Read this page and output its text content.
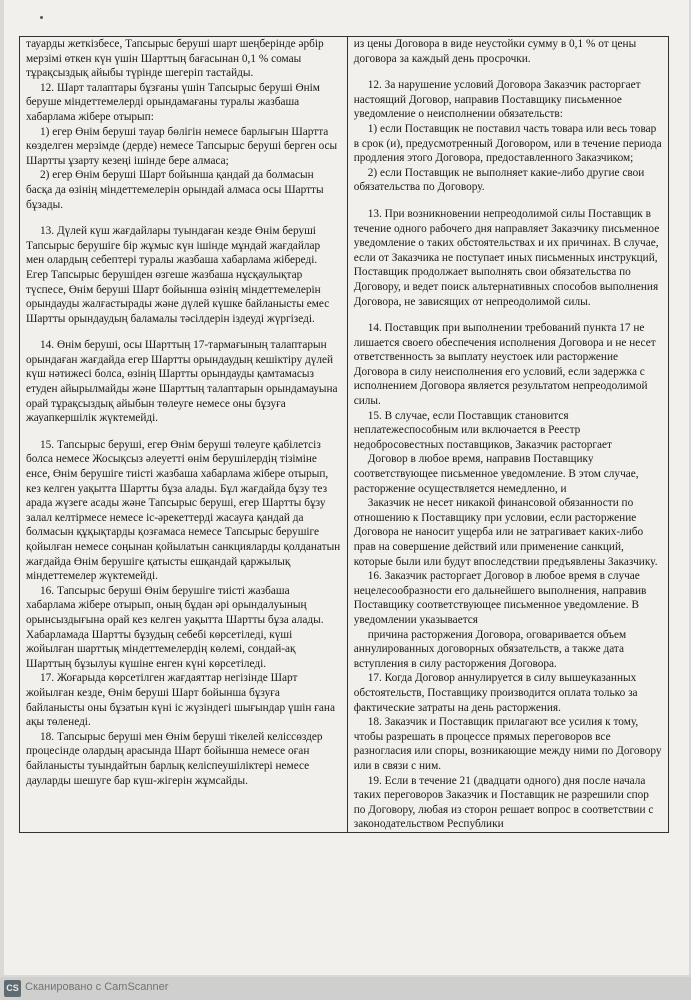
тауарды жеткізбесе, Тапсырыс беруші шарт шеңберінде әрбір мерзімі өткен күн үшін Шарттың бағасынан 0,1 % сомаы тұрақсыздық айыбы түрінде шегеріп тастайды.

12. Шарт талаптары бұзғаны үшін Тапсырыс беруші Өнім беруше міндеттемелерді орындамағаны туралы жазбаша хабарлама жібере отырып:

1) егер Өнім беруші тауар бөлігін немесе барлығын Шартта көзделген мерзімде (дерде) немесе Тапсырыс беруші берген осы Шартты ұзарту кезеңі ішінде бере алмаса;

2) егер Өнім беруші Шарт бойынша қандай да болмасын басқа да өзінің міндеттемелерін орындай алмаса осы Шартты бұзады.

13. Дүлей күш жағдайлары туындаған кезде Өнім беруші Тапсырыс берушіге бір жұмыс күн ішінде мұндай жағдайлар мен олардың себептері туралы жазбаша хабарлама жібереді. Егер Тапсырыс берушіден өзгеше жазбаша нұсқаулықтар түспесе, Өнім беруші Шарт бойынша өзінің міндеттемелерін орындауды жалғастырады және дүлей күшке байланысты емес Шартты орындаудың баламалы тәсілдерін іздеуді жүргізеді.

14. Өнім беруші, осы Шарттың 17-тармағының талаптарын орындаған жағдайда егер Шартты орындаудың кешіктіру дүлей күш нәтижесі болса, өзінің Шартты орындауды қамтамасыз етуден айырылмайды және Шарттың талаптарын орындамауына орай тұрақсыздық айыбын төлеуге немесе оны бұзуға жауапкершілік жүктемейді.

15. Тапсырыс беруші, егер Өнім беруші төлеуге қабілетсіз болса немесе Жосықсыз әлеуетті өнім берушілердің тізіміне енсе, Өнім берушіге тиісті жазбаша хабарлама жібере отырып, кез келген уақытта Шартты бұза алады. Бұл жағдайда бұзу тез арада жүзеге асады және Тапсырыс беруші, егер Шартты бұзу залал келтірмесе немесе іс-әрекеттерді жасауға қандай да болмасын құқықтарды қозғамаса немесе Тапсырыс берушіге қойылған немесе соңынан қойылатын санкцияларды қолданатын жағдайда Өнім берушіге қатысты ешқандай қаржылық міндеттемелер жүктемейді.

16. Тапсырыс беруші Өнім берушіге тиісті жазбаша хабарлама жібере отырып, оның бұдан әрі орындалуының орынсыздығына орай кез келген уақытта Шартты бұза алады. Хабарламада Шартты бұзудың себебі көрсетіледі, күші жойылған шарттық міндеттемелердің көлемі, сондай-ақ Шарттың бұзылуы күшіне енген күні көрсетіледі.

17. Жоғарыда көрсетілген жағдаяттар негізінде Шарт жойылған кезде, Өнім беруші Шарт бойынша бұзуға байланысты оны бұзатын күні іс жүзіндегі шығындар үшін ғана ақы төленеді.

18. Тапсырыс беруші мен Өнім беруші тікелей келіссөздер процесінде олардың арасында Шарт бойынша немесе оған байланысты туындайтын барлық келіспеушіліктері немесе дауларды шешуге бар күш-жігерін жұмсайды.

из цены Договора в виде неустойки сумму в 0,1 % от цены договора за каждый день просрочки.

12. За нарушение условий Договора Заказчик расторгает настоящий Договор, направив Поставщику письменное уведомление о неисполнении обязательств:

1) если Поставщик не поставил часть товара или весь товар в срок (и), предусмотренный Договором, или в течение периода продления этого Договора, предоставленного Заказчиком;

2) если Поставщик не выполняет какие-либо другие свои обязательства по Договору.

13. При возникновении непреодолимой силы Поставщик в течение одного рабочего дня направляет Заказчику письменное уведомление о таких обстоятельствах и их причинах. В случае, если от Заказчика не поступает иных письменных инструкций, Поставщик продолжает выполнять свои обязательства по Договору, и ведет поиск альтернативных способов выполнения Договора, не зависящих от непреодолимой силы.

14. Поставщик при выполнении требований пункта 17 не лишается своего обеспечения исполнения Договора и не несет ответственность за выплату неустоек или расторжение Договора в силу неисполнения его условий, если задержка с исполнением Договора является результатом непреодолимой силы.

15. В случае, если Поставщик становится неплатежеспособным или включается в Реестр недобросовестных поставщиков, Заказчик расторгает

Договор в любое время, направив Поставщику соответствующее письменное уведомление. В этом случае, расторжение осуществляется немедленно, и

Заказчик не несет никакой финансовой обязанности по отношению к Поставщику при условии, если расторжение Договора не наносит ущерба или не затрагивает каких-либо прав на совершение действий или применение санкций, которые были или будут впоследствии предъявлены Заказчику.

16. Заказчик расторгает Договор в любое время в случае нецелесообразности его дальнейшего выполнения, направив Поставщику соответствующее письменное уведомление. В уведомлении указывается

причина расторжения Договора, оговаривается объем аннулированных договорных обязательств, а также дата вступления в силу расторжения Договора.

17. Когда Договор аннулируется в силу вышеуказанных обстоятельств, Поставщику производится оплата только за фактические затраты на день расторжения.

18. Заказчик и Поставщик прилагают все усилия к тому, чтобы разрешать в процессе прямых переговоров все разногласия или споры, возникающие между ними по Договору или в связи с ним.

19. Если в течение 21 (двадцати одного) дня после начала таких переговоров Заказчик и Поставщик не разрешили спор по Договору, любая из сторон решает вопрос в соответствии с законодательством Республики

CS Сканировано с CamScanner
